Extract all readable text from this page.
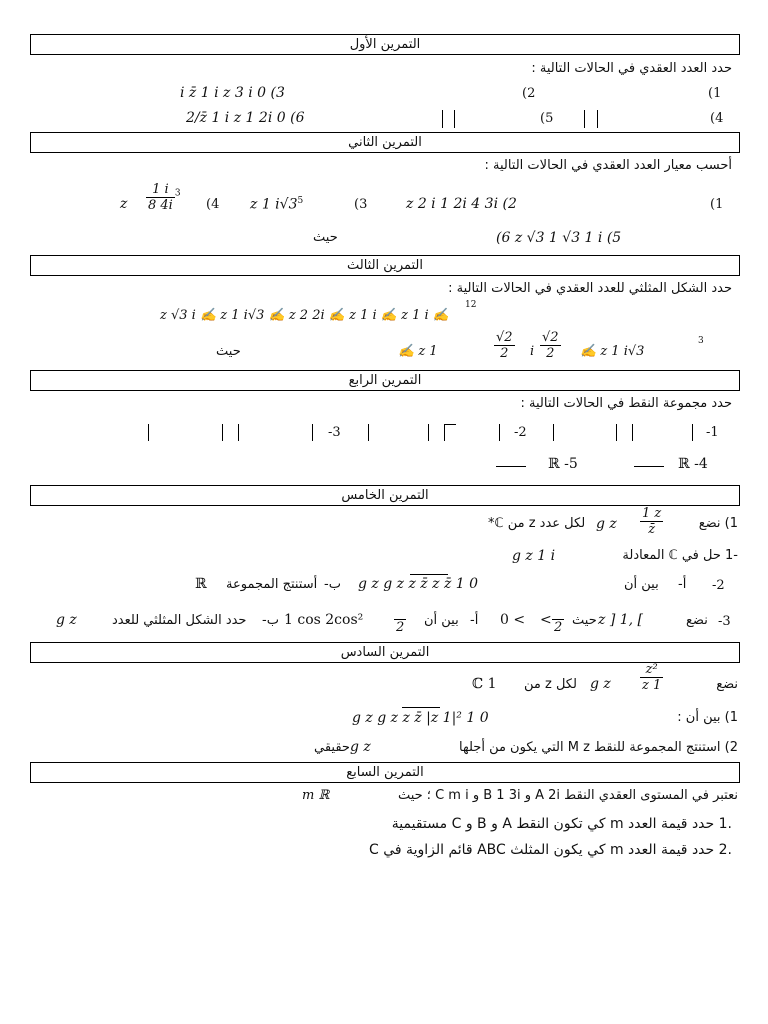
التمرين الأول
حدد العدد العقدي في الحالات التالية :
i z̄ 1 i z 3 i 0 (3	(2	(1
2/z̄ 1 i z 1 2i 0 (6	(5	(4
التمرين الثاني
أحسب معيار العدد العقدي في الحالات التالية :
z $\frac{1 i}{8 4i} ^3$
(4 z 1 $i√3^5$	(3	z 2 i 1 2i 4 3i (2	(1
حيث	(6 z √3 1 √3 1 i (5
التمرين الثالث
حدد الشكل المثلثي للعدد العقدي في الحالات التالية :
z √3 i ✍ z 1 i√3 ✍ z 2 2i ✍ z 1 i ✍ z 1 i ✍
12
حيث	✍ z 1	$\frac{√2}{2}$ i $\frac{√2}{2}$ ✍ z 1 i√3
3
التمرين الرابع
حدد مجموعة النقط في الحالات التالية :
-3	-2	-1
ℝ -5	ℝ -4
التمرين الخامس
لكل عدد z من ℂ* g z $\frac{1 z}{z̄}$	1) نضع
g z 1 i	-1 حل في ℂ المعادلة
ℝ أستنتج المجموعة ب- g z g z z z̄ z z̄ 1 0	بين أن أ- -2
g z	حدد الشكل المثلثي للعدد ب- 1 cos 2cos²
	2 بين أن أ- 0 < <
2 حيث z ] 1, [	نضع -3
التمرين السادس
ℂ 1 لكل z من g z $\frac{\text{z²}}{z 1}$	نضع
g z g z z z̄ |z 1|² 1 0	1) بين أن :
حقيقي g z	2) استنتج المجموعة للنقط M z التي يكون من أجلها
التمرين السابع
m ℝ	نعتبر في المستوى العقدي النقط A 2i و B 1 3i و C m i ؛ حيث
.1 حدد قيمة العدد m كي تكون النقط A و B و C مستقيمية
.2 حدد قيمة العدد m كي يكون المثلث ABC قائم الزاوية في C
